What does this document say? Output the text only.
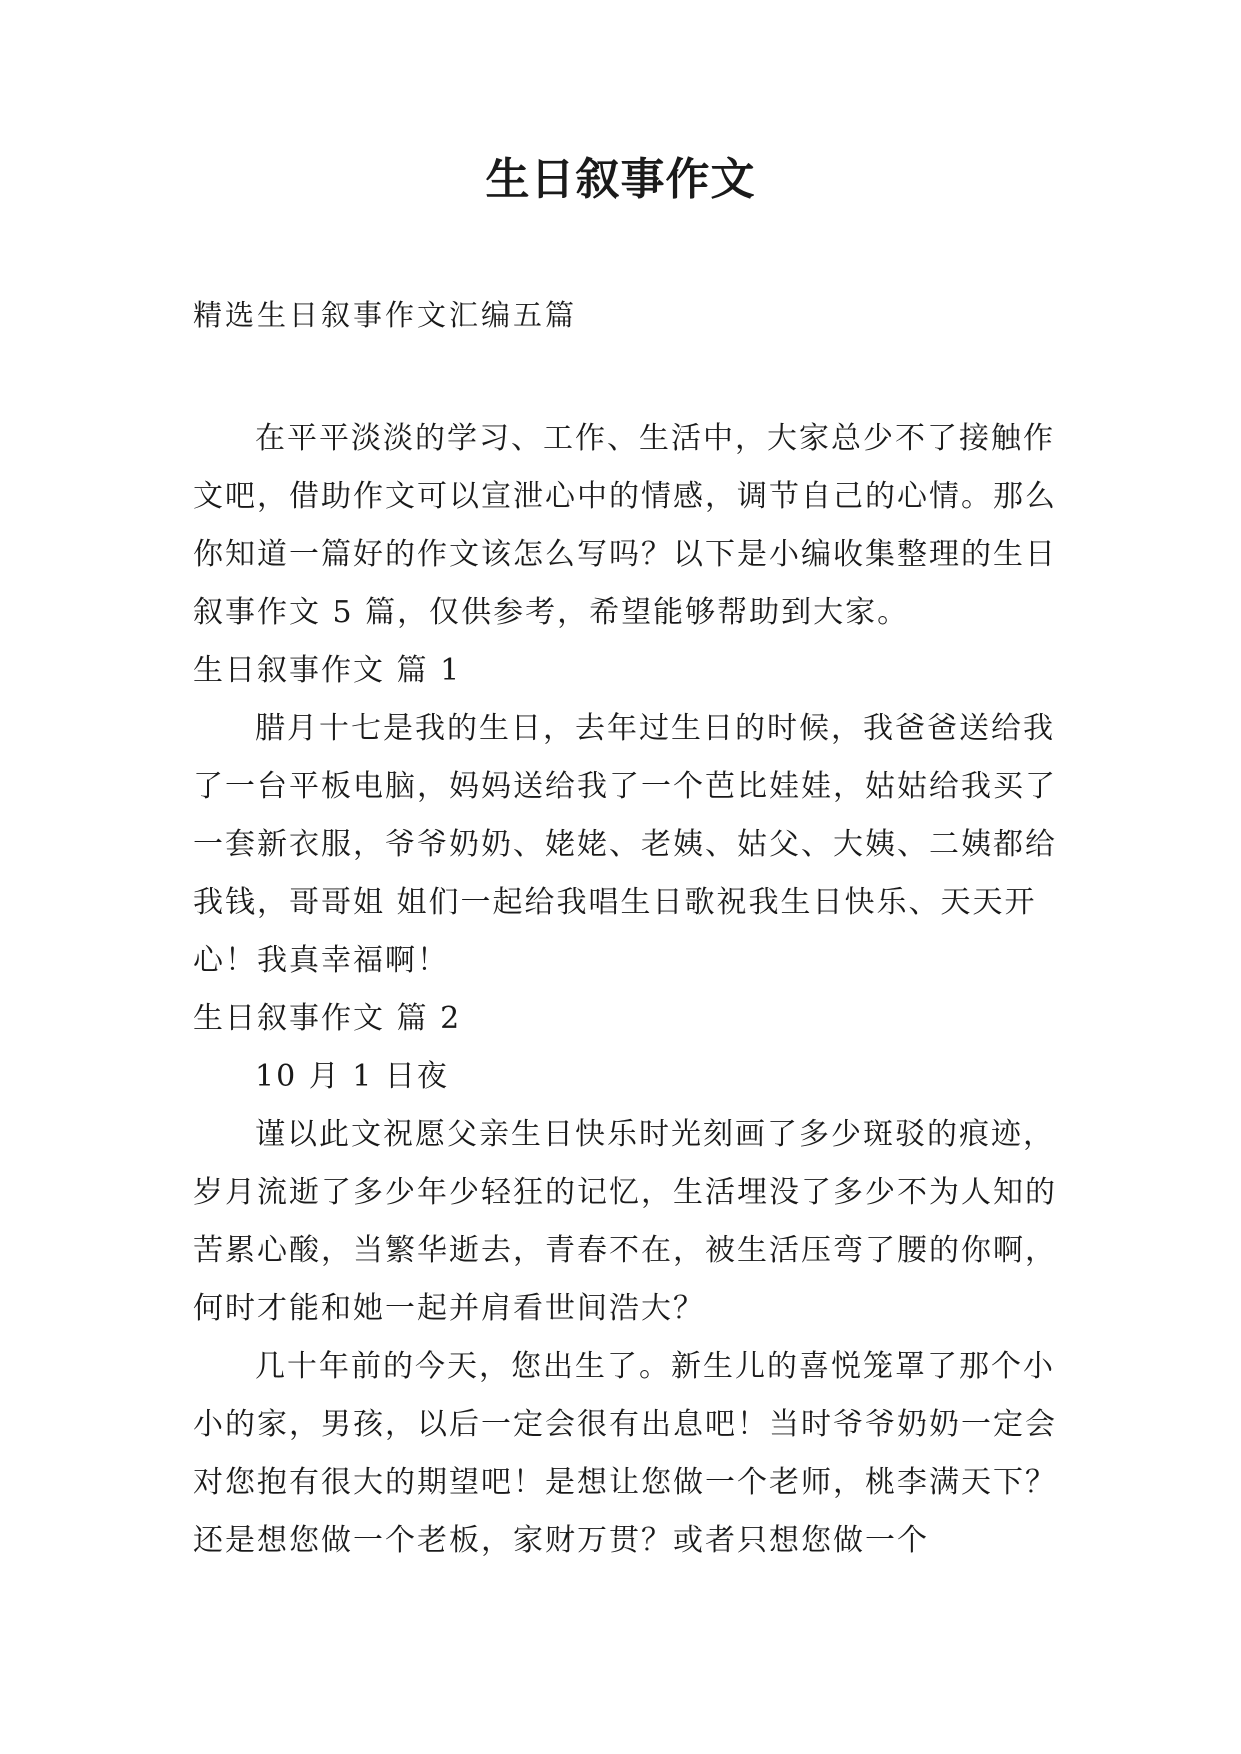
生日叙事作文
精选生日叙事作文汇编五篇

在平平淡淡的学习、工作、生活中，大家总少不了接触作文吧，借助作文可以宣泄心中的情感，调节自己的心情。那么你知道一篇好的作文该怎么写吗？以下是小编收集整理的生日叙事作文 5 篇，仅供参考，希望能够帮助到大家。

生日叙事作文 篇 1

腊月十七是我的生日，去年过生日的时候，我爸爸送给我了一台平板电脑，妈妈送给我了一个芭比娃娃，姑姑给我买了一套新衣服，爷爷奶奶、姥姥、老姨、姑父、大姨、二姨都给我钱，哥哥姐 姐们一起给我唱生日歌祝我生日快乐、天天开心！我真幸福啊！

生日叙事作文 篇 2

10 月 1 日夜

谨以此文祝愿父亲生日快乐时光刻画了多少斑驳的痕迹，岁月流逝了多少年少轻狂的记忆，生活埋没了多少不为人知的苦累心酸，当繁华逝去，青春不在，被生活压弯了腰的你啊，何时才能和她一起并肩看世间浩大？

几十年前的今天，您出生了。新生儿的喜悦笼罩了那个小小的家，男孩，以后一定会很有出息吧！当时爷爷奶奶一定会对您抱有很大的期望吧！是想让您做一个老师，桃李满天下？还是想您做一个老板，家财万贯？或者只想您做一个
